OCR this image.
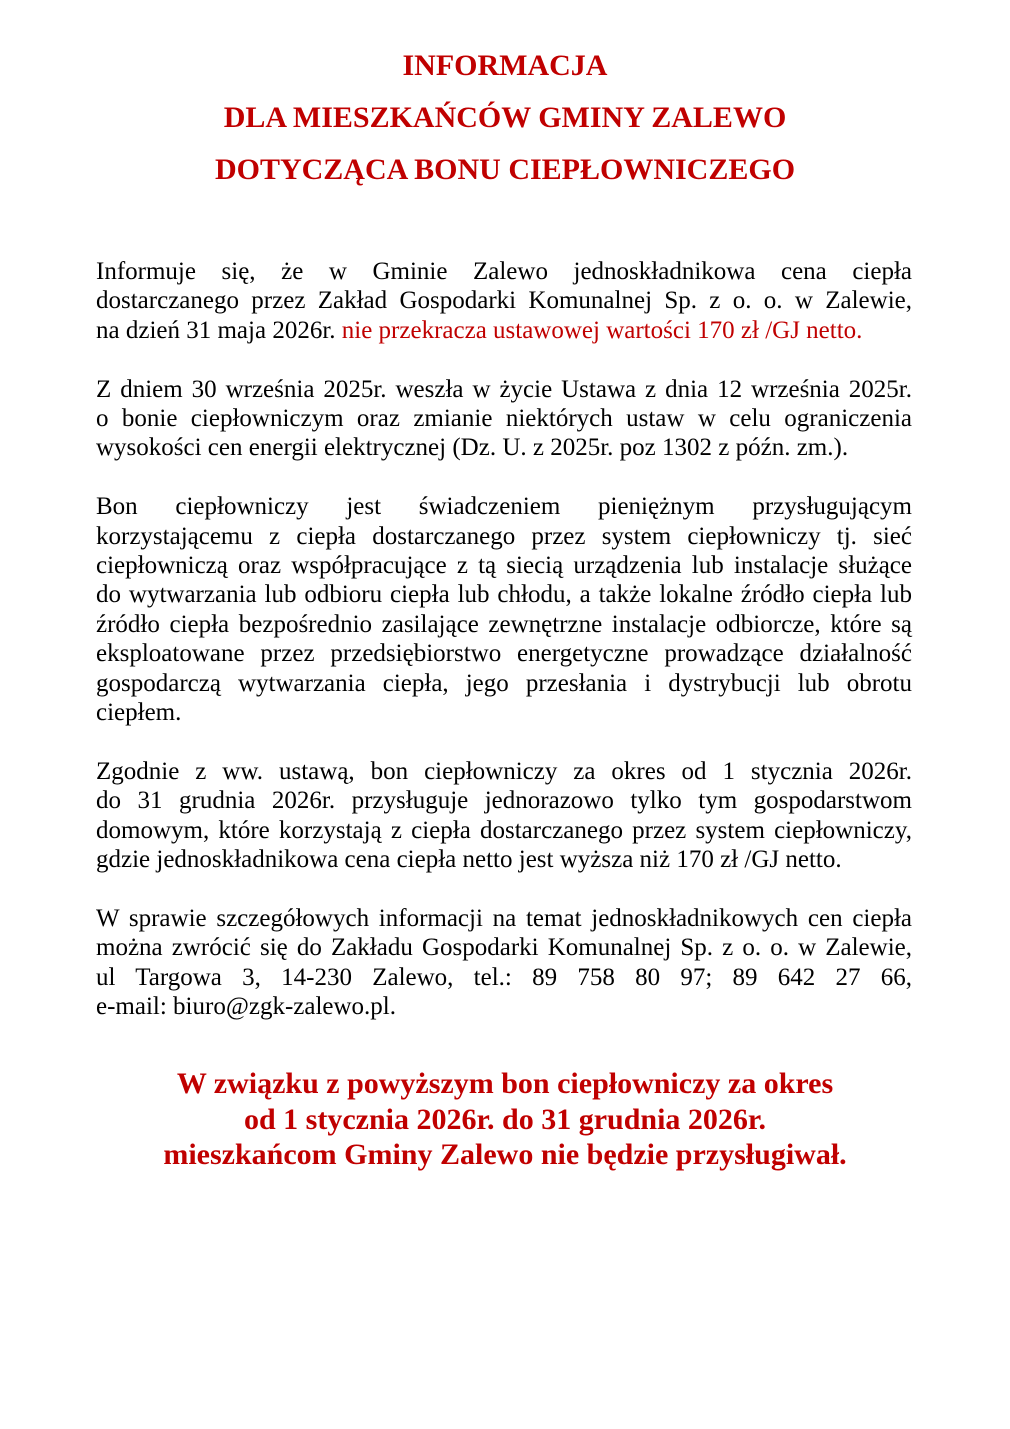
INFORMACJA
DLA MIESZKAŃCÓW GMINY ZALEWO
DOTYCZĄCA BONU CIEPŁOWNICZEGO
Informuje się, że w Gminie Zalewo jednoskładnikowa cena ciepła
dostarczanego przez Zakład Gospodarki Komunalnej Sp. z o. o. w Zalewie,
na dzień 31 maja 2026r. nie przekracza ustawowej wartości 170 zł /GJ netto.
Z dniem 30 września 2025r. weszła w życie Ustawa z dnia 12 września 2025r.
o bonie ciepłowniczym oraz zmianie niektórych ustaw w celu ograniczenia
wysokości cen energii elektrycznej (Dz. U. z 2025r. poz 1302 z późn. zm.).
Bon ciepłowniczy jest świadczeniem pieniężnym przysługującym
korzystającemu z ciepła dostarczanego przez system ciepłowniczy tj. sieć
ciepłowniczą oraz współpracujące z tą siecią urządzenia lub instalacje służące
do wytwarzania lub odbioru ciepła lub chłodu, a także lokalne źródło ciepła lub
źródło ciepła bezpośrednio zasilające zewnętrzne instalacje odbiorcze, które są
eksploatowane przez przedsiębiorstwo energetyczne prowadzące działalność
gospodarczą wytwarzania ciepła, jego przesłania i dystrybucji lub obrotu
ciepłem.
Zgodnie z ww. ustawą, bon ciepłowniczy za okres od 1 stycznia 2026r.
do 31 grudnia 2026r. przysługuje jednorazowo tylko tym gospodarstwom
domowym, które korzystają z ciepła dostarczanego przez system ciepłowniczy,
gdzie jednoskładnikowa cena ciepła netto jest wyższa niż 170 zł /GJ netto.
W sprawie szczegółowych informacji na temat jednoskładnikowych cen ciepła
można zwrócić się do Zakładu Gospodarki Komunalnej Sp. z o. o. w Zalewie,
ul Targowa 3, 14-230 Zalewo, tel.: 89 758 80 97; 89 642 27 66,
e-mail: biuro@zgk-zalewo.pl.
W związku z powyższym bon ciepłowniczy za okres
od 1 stycznia 2026r. do 31 grudnia 2026r.
mieszkańcom Gminy Zalewo nie będzie przysługiwał.
